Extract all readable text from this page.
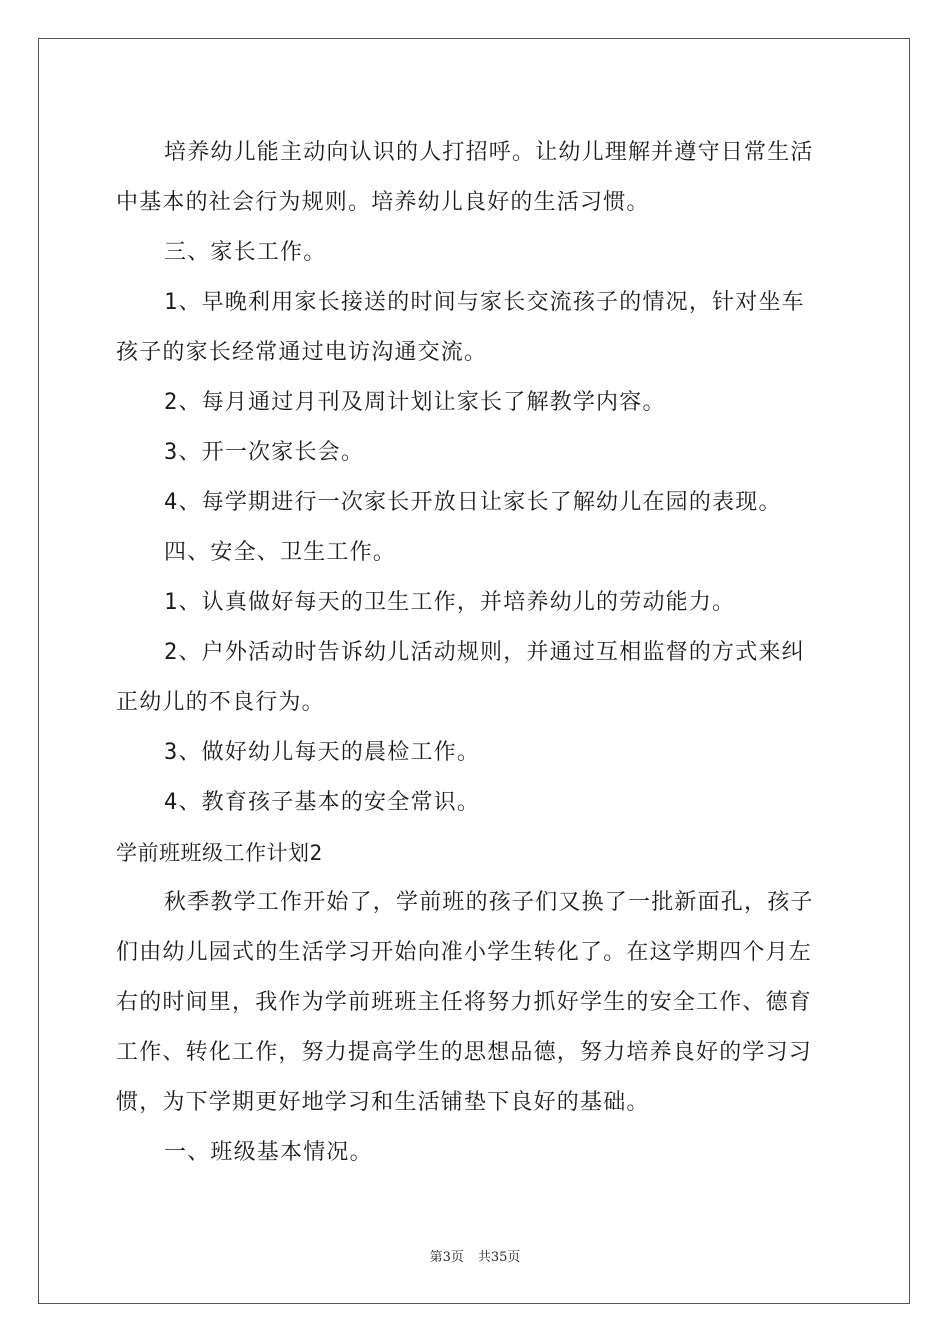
培养幼儿能主动向认识的人打招呼。让幼儿理解并遵守日常生活
中基本的社会行为规则。培养幼儿良好的生活习惯。
三、家长工作。
1、早晚利用家长接送的时间与家长交流孩子的情况，针对坐车
孩子的家长经常通过电访沟通交流。
2、每月通过月刊及周计划让家长了解教学内容。
3、开一次家长会。
4、每学期进行一次家长开放日让家长了解幼儿在园的表现。
四、安全、卫生工作。
1、认真做好每天的卫生工作，并培养幼儿的劳动能力。
2、户外活动时告诉幼儿活动规则，并通过互相监督的方式来纠
正幼儿的不良行为。
3、做好幼儿每天的晨检工作。
4、教育孩子基本的安全常识。
学前班班级工作计划2
秋季教学工作开始了，学前班的孩子们又换了一批新面孔，孩子
们由幼儿园式的生活学习开始向准小学生转化了。在这学期四个月左
右的时间里，我作为学前班班主任将努力抓好学生的安全工作、德育
工作、转化工作，努力提高学生的思想品德，努力培养良好的学习习
惯，为下学期更好地学习和生活铺垫下良好的基础。
一、班级基本情况。
第3页 共35页
